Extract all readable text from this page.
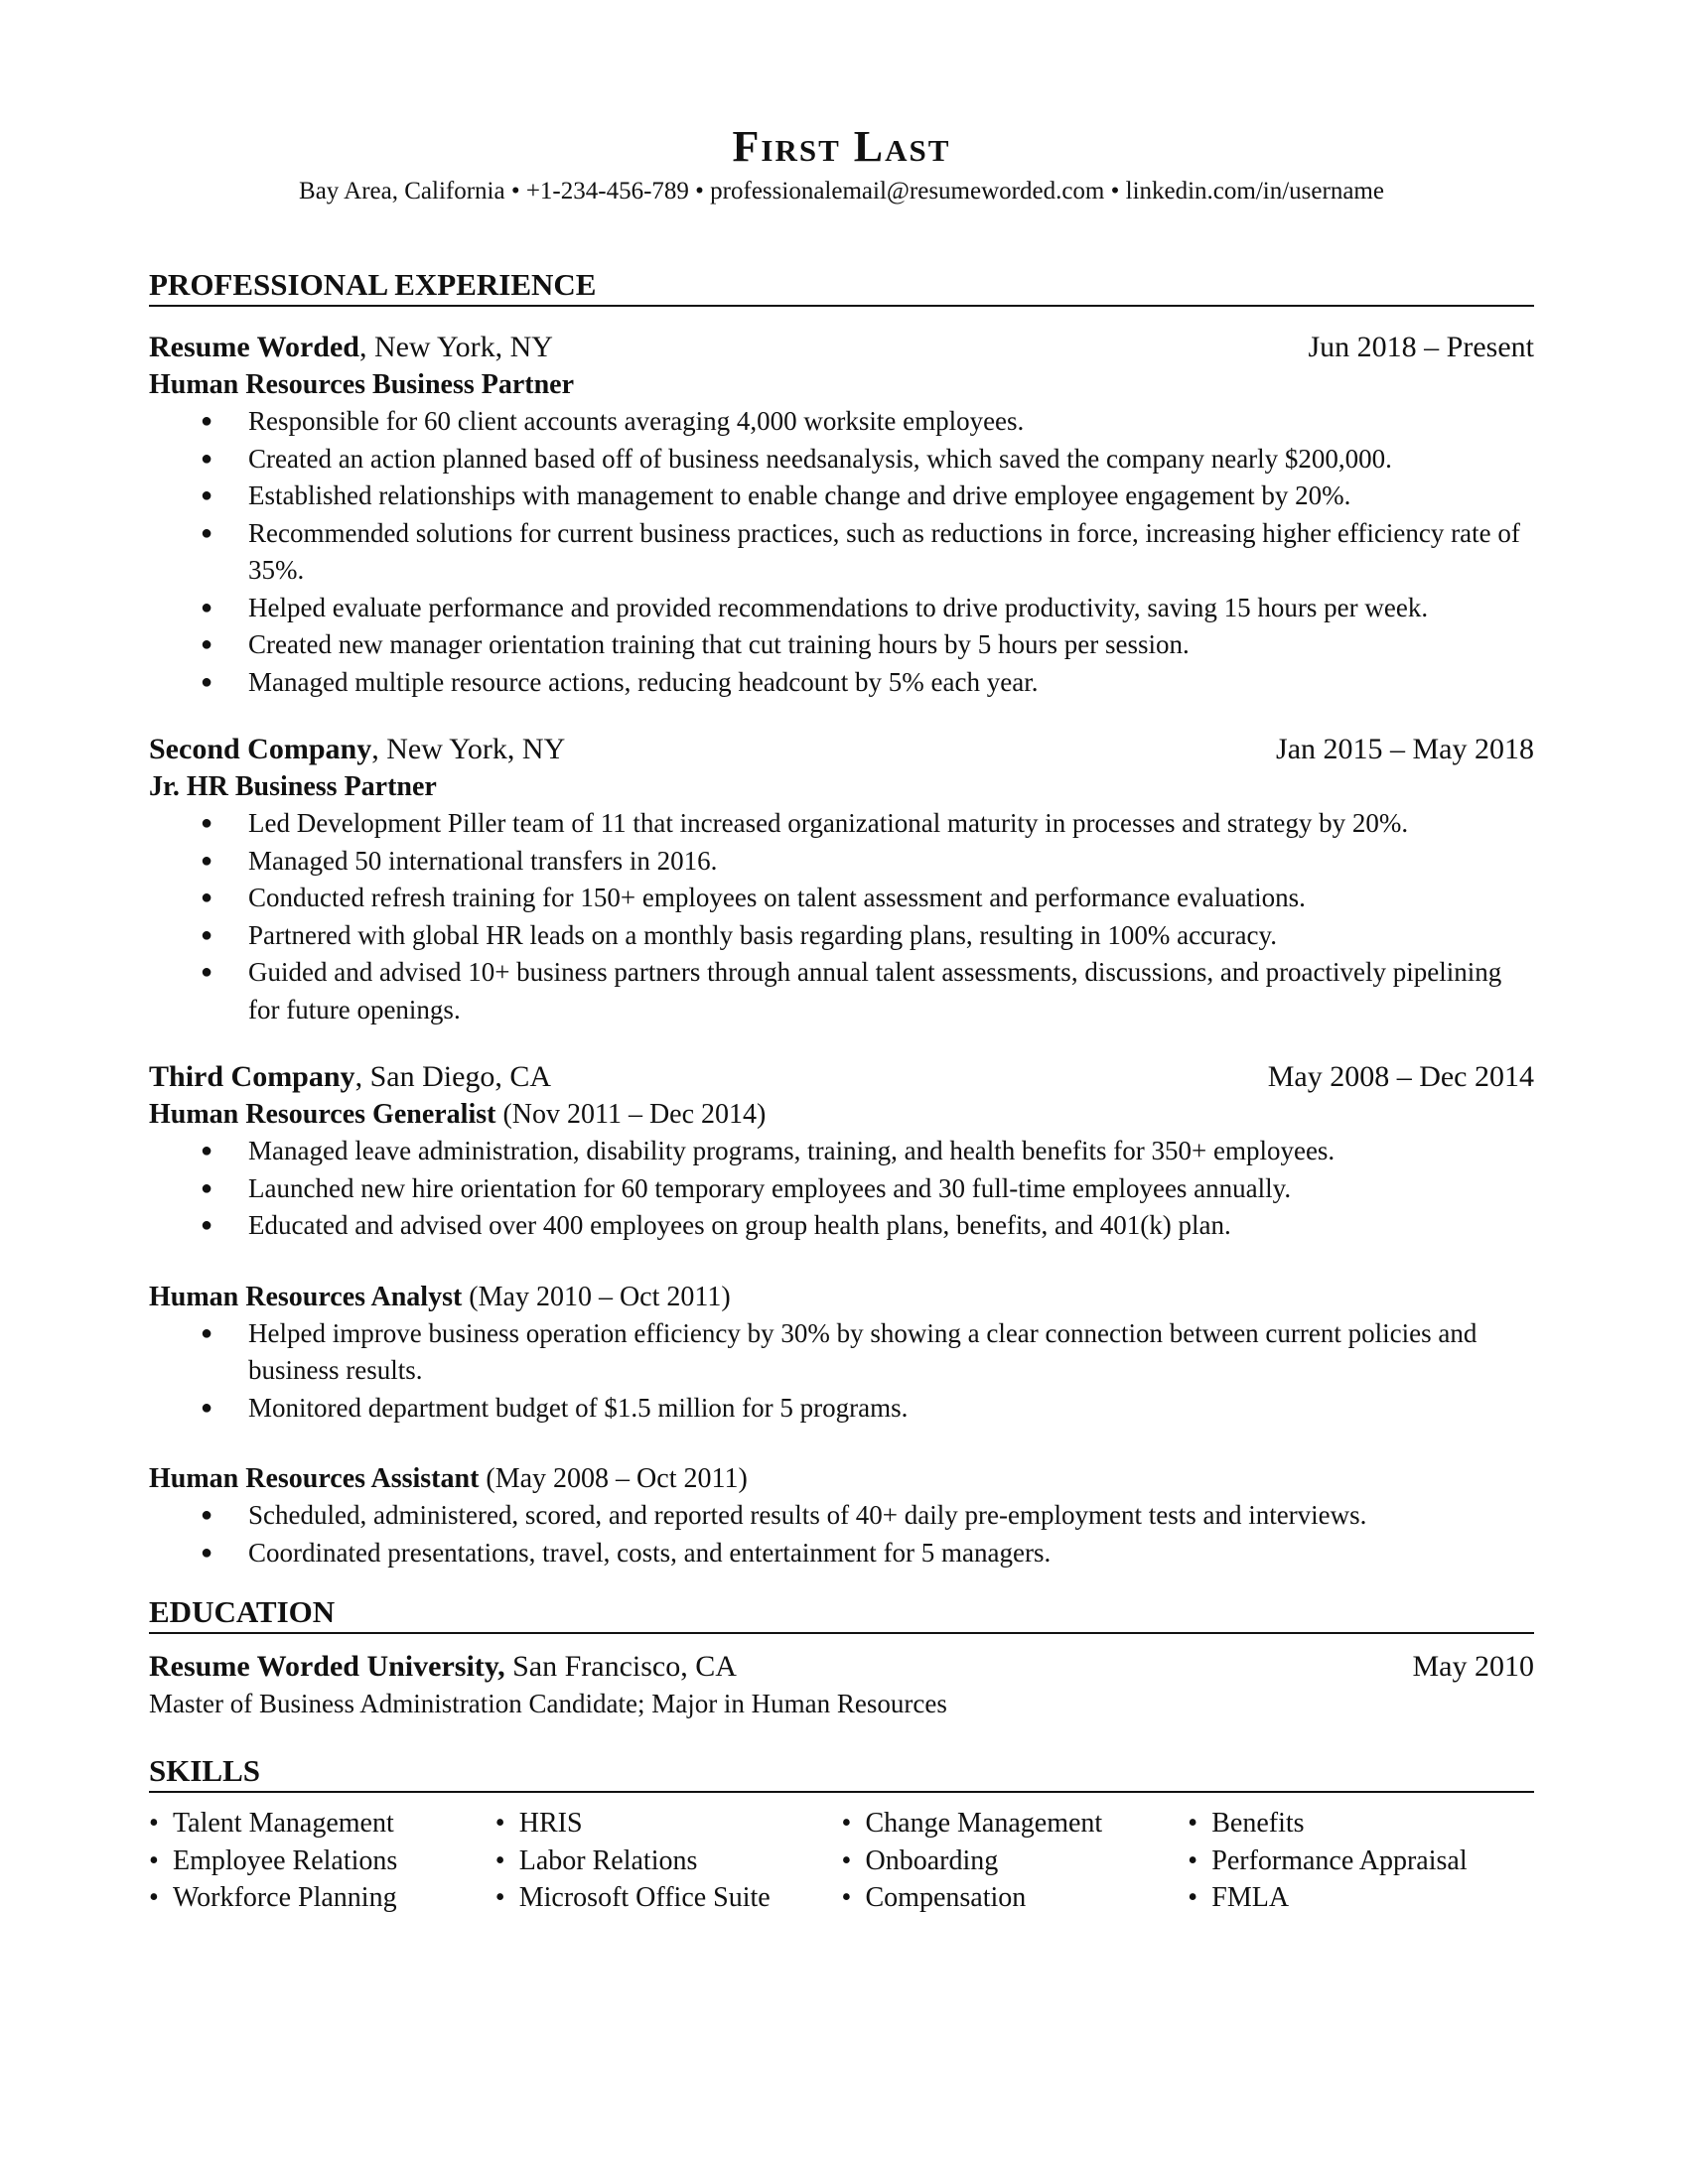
First Last
Bay Area, California • +1-234-456-789 • professionalemail@resumeworded.com • linkedin.com/in/username
PROFESSIONAL EXPERIENCE
Resume Worded, New York, NY	Jun 2018 – Present
Human Resources Business Partner
● Responsible for 60 client accounts averaging 4,000 worksite employees.
● Created an action planned based off of business needsanalysis, which saved the company nearly $200,000.
● Established relationships with management to enable change and drive employee engagement by 20%.
● Recommended solutions for current business practices, such as reductions in force, increasing higher efficiency rate of 35%.
● Helped evaluate performance and provided recommendations to drive productivity, saving 15 hours per week.
● Created new manager orientation training that cut training hours by 5 hours per session.
● Managed multiple resource actions, reducing headcount by 5% each year.
Second Company, New York, NY	Jan 2015 – May 2018
Jr. HR Business Partner
● Led Development Piller team of 11 that increased organizational maturity in processes and strategy by 20%.
● Managed 50 international transfers in 2016.
● Conducted refresh training for 150+ employees on talent assessment and performance evaluations.
● Partnered with global HR leads on a monthly basis regarding plans, resulting in 100% accuracy.
● Guided and advised 10+ business partners through annual talent assessments, discussions, and proactively pipelining for future openings.
Third Company, San Diego, CA	May 2008 – Dec 2014
Human Resources Generalist (Nov 2011 – Dec 2014)
● Managed leave administration, disability programs, training, and health benefits for 350+ employees.
● Launched new hire orientation for 60 temporary employees and 30 full-time employees annually.
● Educated and advised over 400 employees on group health plans, benefits, and 401(k) plan.
Human Resources Analyst (May 2010 – Oct 2011)
● Helped improve business operation efficiency by 30% by showing a clear connection between current policies and business results.
● Monitored department budget of $1.5 million for 5 programs.
Human Resources Assistant (May 2008 – Oct 2011)
● Scheduled, administered, scored, and reported results of 40+ daily pre-employment tests and interviews.
● Coordinated presentations, travel, costs, and entertainment for 5 managers.
EDUCATION
Resume Worded University, San Francisco, CA	May 2010
Master of Business Administration Candidate; Major in Human Resources
SKILLS
• Talent Management
• Employee Relations
• Workforce Planning
• HRIS
• Labor Relations
• Microsoft Office Suite
• Change Management
• Onboarding
• Compensation
• Benefits
• Performance Appraisal
• FMLA
